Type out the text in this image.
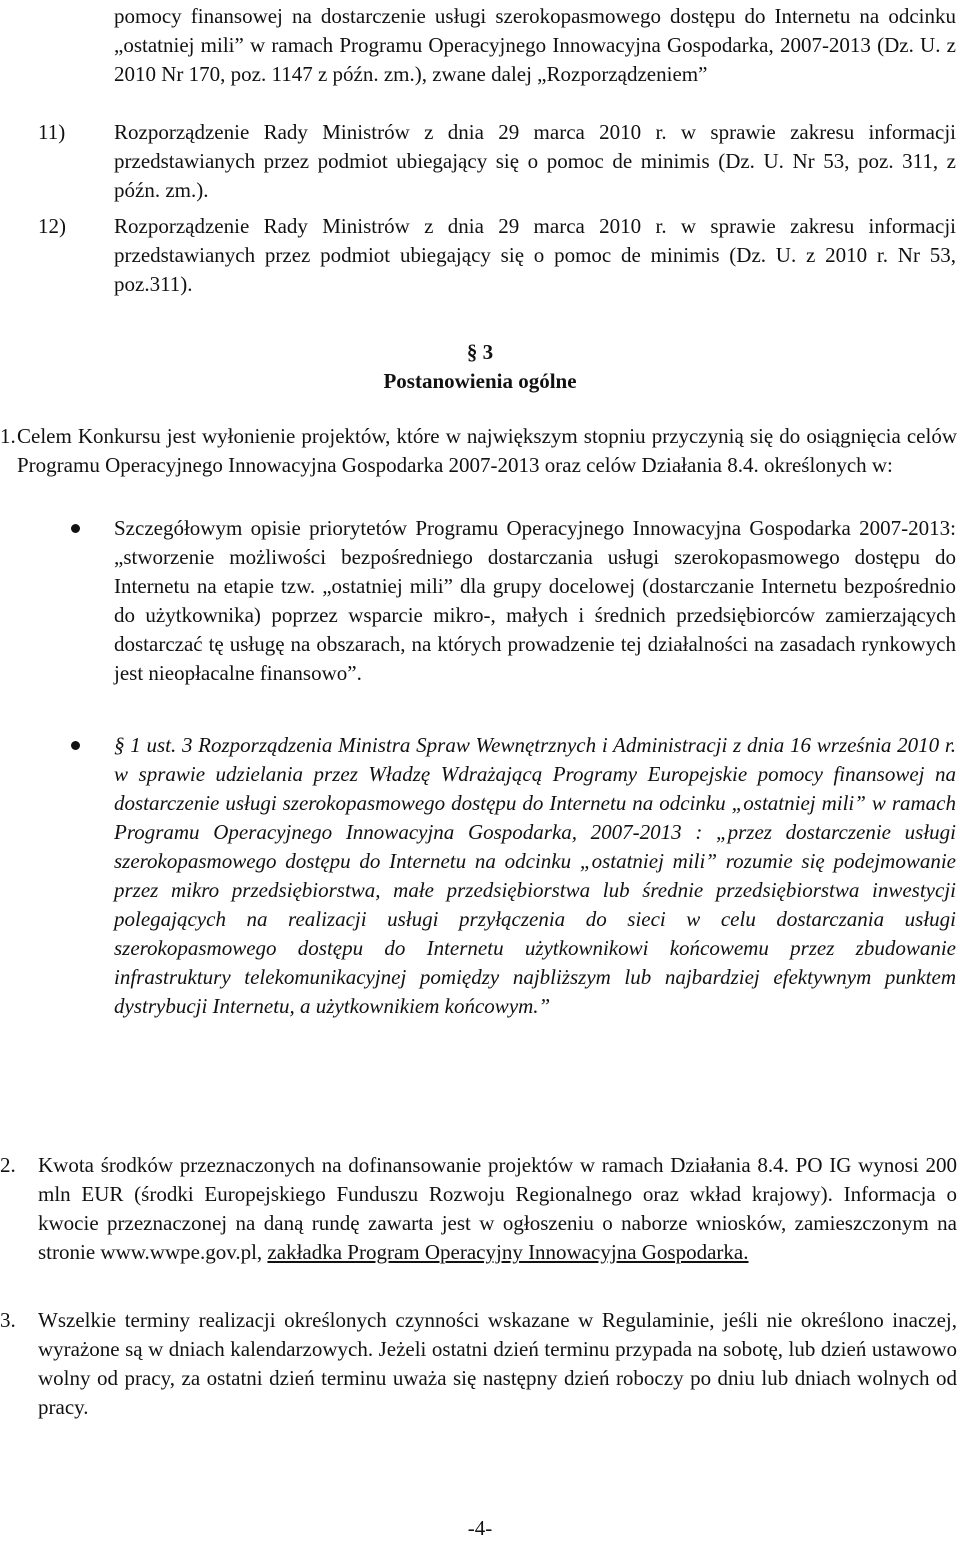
pomocy finansowej na dostarczenie usługi szerokopasmowego dostępu do Internetu na odcinku „ostatniej mili” w ramach Programu Operacyjnego Innowacyjna Gospodarka, 2007-2013 (Dz. U. z 2010 Nr 170, poz. 1147 z późn. zm.), zwane dalej „Rozporządzeniem”
11)	Rozporządzenie Rady Ministrów z dnia 29 marca 2010 r. w sprawie zakresu informacji przedstawianych przez podmiot ubiegający się o pomoc de minimis (Dz. U. Nr 53, poz. 311, z późn. zm.).
12)	Rozporządzenie Rady Ministrów z dnia 29 marca 2010 r. w sprawie zakresu informacji przedstawianych przez podmiot ubiegający się o pomoc de minimis (Dz. U. z 2010 r. Nr 53, poz.311).
§ 3
Postanowienia ogólne
1. Celem Konkursu jest wyłonienie projektów, które w największym stopniu przyczynią się do osiągnięcia celów Programu Operacyjnego Innowacyjna Gospodarka 2007-2013 oraz celów Działania 8.4. określonych w:
Szczegółowym opisie priorytetów Programu Operacyjnego Innowacyjna Gospodarka 2007-2013: „stworzenie możliwości bezpośredniego dostarczania usługi szerokopasmowego dostępu do Internetu na etapie tzw. „ostatniej mili” dla grupy docelowej (dostarczanie Internetu bezpośrednio do użytkownika) poprzez wsparcie mikro-, małych i średnich przedsiębiorców zamierzających dostarczać tę usługę na obszarach, na których prowadzenie tej działalności na zasadach rynkowych jest nieopłacalne finansowo”.
§ 1 ust. 3 Rozporządzenia Ministra Spraw Wewnętrznych i Administracji z dnia 16 września 2010 r. w sprawie udzielania przez Władzę Wdrażającą Programy Europejskie pomocy finansowej na dostarczenie usługi szerokopasmowego dostępu do Internetu na odcinku „ostatniej mili” w ramach Programu Operacyjnego Innowacyjna Gospodarka, 2007-2013 : „przez dostarczenie usługi szerokopasmowego dostępu do Internetu na odcinku „ostatniej mili” rozumie się podejmowanie przez mikro przedsiębiorstwa, małe przedsiębiorstwa lub średnie przedsiębiorstwa inwestycji polegających na realizacji usługi przyłączenia do sieci w celu dostarczania usługi szerokopasmowego dostępu do Internetu użytkownikowi końcowemu przez zbudowanie infrastruktury telekomunikacyjnej pomiędzy najbliższym lub najbardziej efektywnym punktem dystrybucji Internetu, a użytkownikiem końcowym.”
2.	Kwota środków przeznaczonych na dofinansowanie projektów w ramach Działania 8.4. PO IG wynosi 200 mln EUR (środki Europejskiego Funduszu Rozwoju Regionalnego oraz wkład krajowy). Informacja o kwocie przeznaczonej na daną rundę zawarta jest w ogłoszeniu o naborze wniosków, zamieszczonym na stronie www.wwpe.gov.pl, zakładka Program Operacyjny Innowacyjna Gospodarka.
3.	Wszelkie terminy realizacji określonych czynności wskazane w Regulaminie, jeśli nie określono inaczej, wyrażone są w dniach kalendarzowych. Jeżeli ostatni dzień terminu przypada na sobotę, lub dzień ustawowo wolny od pracy, za ostatni dzień terminu uważa się następny dzień roboczy po dniu lub dniach wolnych od pracy.
-4-
